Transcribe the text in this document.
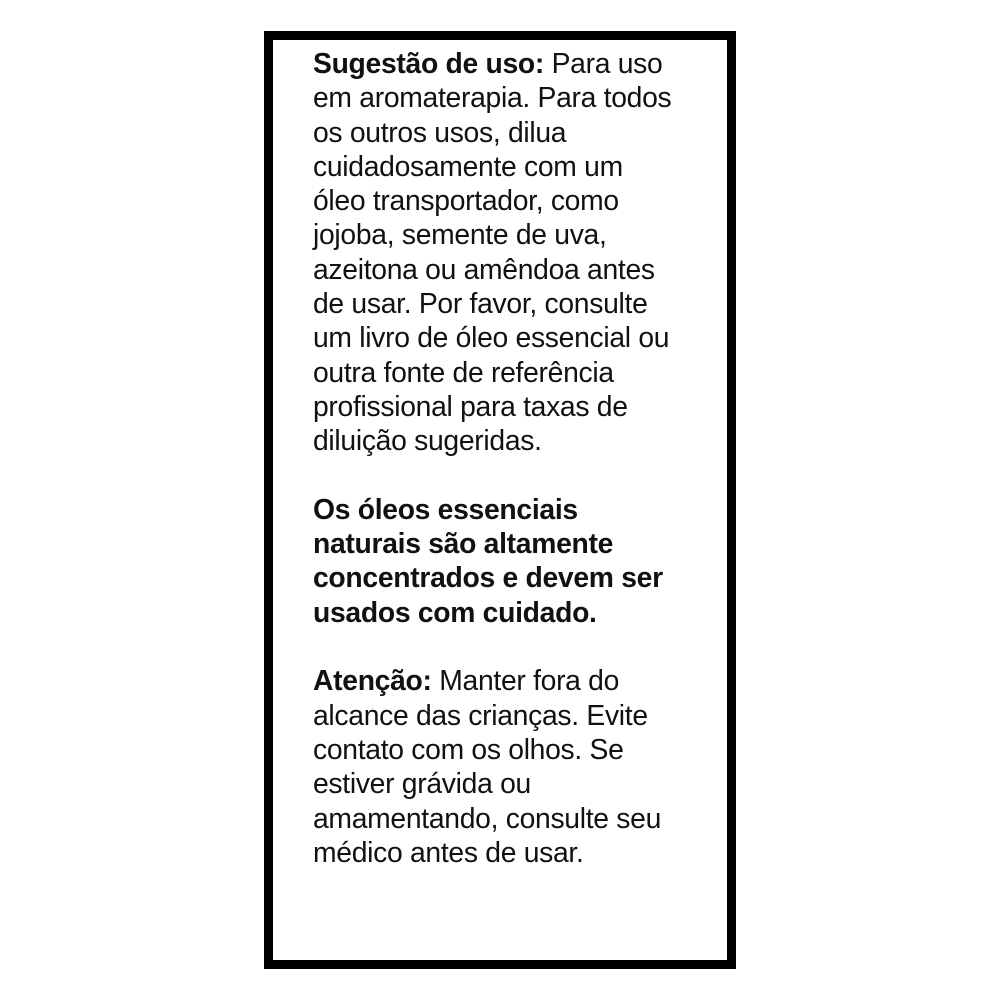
Sugestão de uso: Para uso
em aromaterapia. Para todos
os outros usos, dilua
cuidadosamente com um
óleo transportador, como
jojoba, semente de uva,
azeitona ou amêndoa antes
de usar. Por favor, consulte
um livro de óleo essencial ou
outra fonte de referência
profissional para taxas de
diluição sugeridas.
Os óleos essenciais
naturais são altamente
concentrados e devem ser
usados com cuidado.
Atenção: Manter fora do
alcance das crianças. Evite
contato com os olhos. Se
estiver grávida ou
amamentando, consulte seu
médico antes de usar.
